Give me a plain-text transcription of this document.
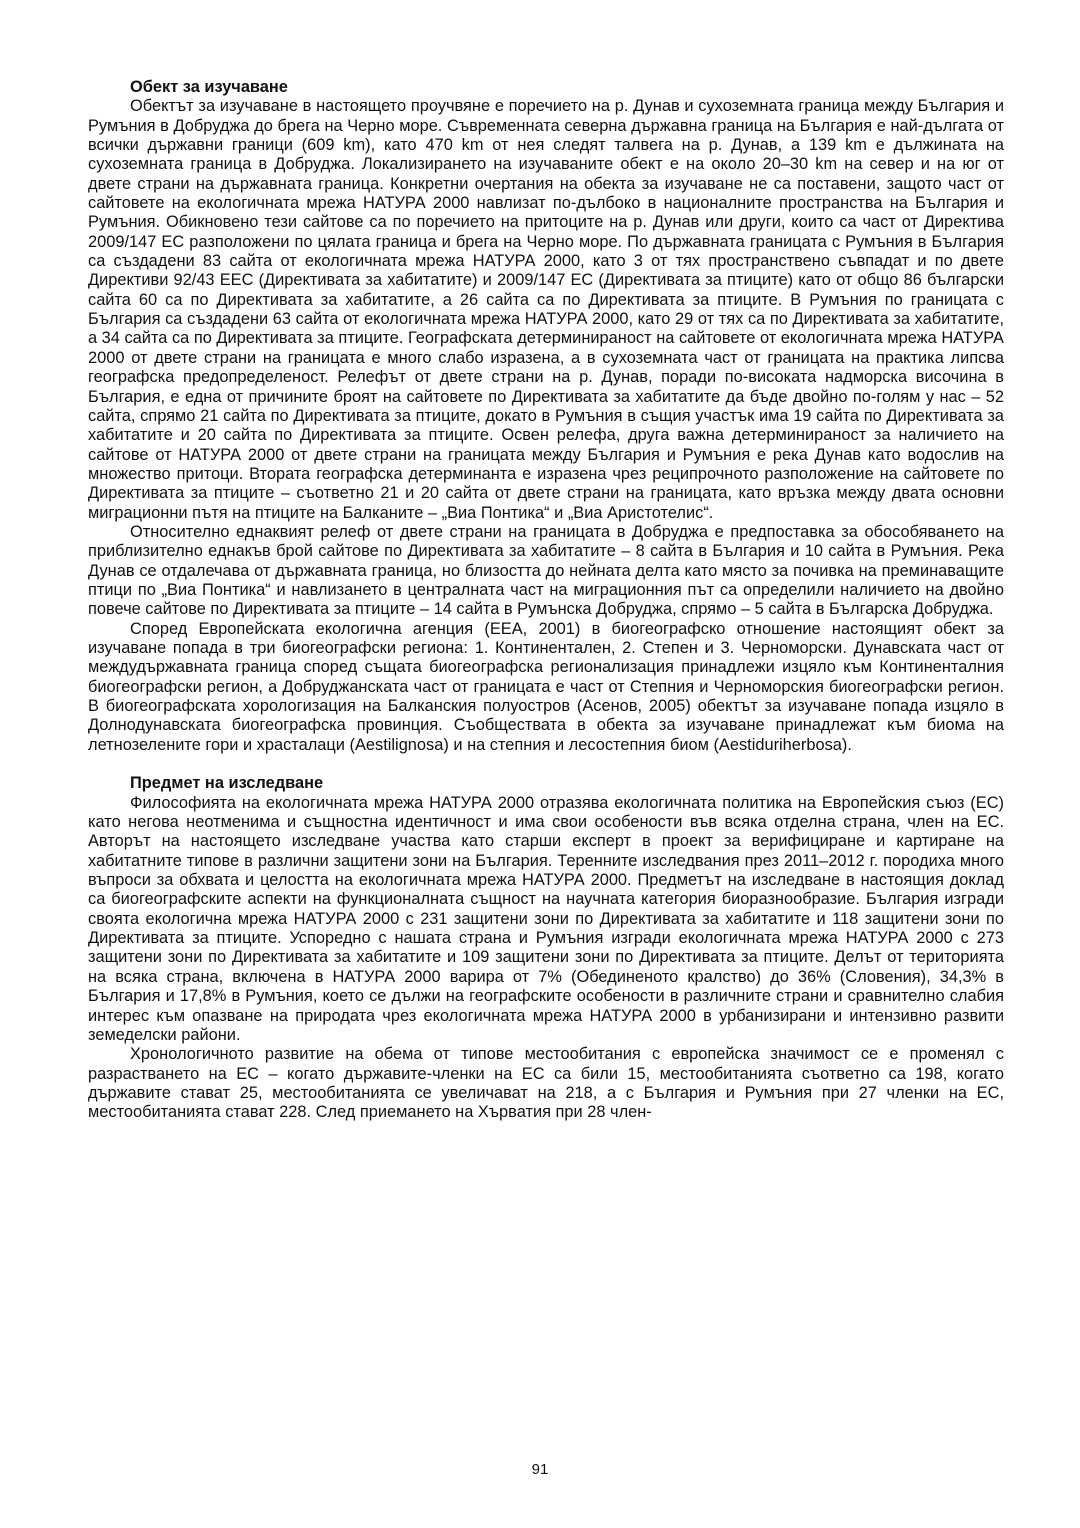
Обект за изучаване

Обектът за изучаване в настоящето проучвяне е поречието на р. Дунав и сухоземната граница между България и Румъния в Добруджа до брега на Черно море. Съвременната северна държавна граница на България е най-дългата от всички държавни граници (609 km), като 470 km от нея следят талвега на р. Дунав, а 139 km е дължината на сухоземната граница в Добруджа. Локализирането на изучаваните обект е на около 20–30 km на север и на юг от двете страни на държавната граница. Конкретни очертания на обекта за изучаване не са поставени, защото част от сайтовете на екологичната мрежа НАТУРА 2000 навлизат по-дълбоко в националните пространства на България и Румъния. Обикновено тези сайтове са по поречието на притоците на р. Дунав или други, които са част от Директива 2009/147 ЕС разположени по цялата граница и брега на Черно море. По държавната границата с Румъния в България са създадени 83 сайта от екологичната мрежа НАТУРА 2000, като 3 от тях пространствено съвпадат и по двете Директиви 92/43 ЕЕС (Директивата за хабитатите) и 2009/147 ЕС (Директивата за птиците) като от общо 86 български сайта 60 са по Директивата за хабитатите, а 26 сайта са по Директивата за птиците. В Румъния по границата с България са създадени 63 сайта от екологичната мрежа НАТУРА 2000, като 29 от тях са по Директивата за хабитатите, а 34 сайта са по Директивата за птиците. Географската детерминираност на сайтовете от екологичната мрежа НАТУРА 2000 от двете страни на границата е много слабо изразена, а в сухоземната част от границата на практика липсва географска предопределеност. Релефът от двете страни на р. Дунав, поради по-високата надморска височина в България, е една от причините броят на сайтовете по Директивата за хабитатите да бъде двойно по-голям у нас – 52 сайта, спрямо 21 сайта по Директивата за птиците, докато в Румъния в същия участък има 19 сайта по Директивата за хабитатите и 20 сайта по Директивата за птиците. Освен релефа, друга важна детерминираност за наличието на сайтове от НАТУРА 2000 от двете страни на границата между България и Румъния е река Дунав като водослив на множество притоци. Втората географска детерминанта е изразена чрез реципрочното разположение на сайтовете по Директивата за птиците – съответно 21 и 20 сайта от двете страни на границата, като връзка между двата основни миграционни пътя на птиците на Балканите – „Виа Понтика“ и „Виа Аристотелис“.

Относително еднаквият релеф от двете страни на границата в Добруджа е предпоставка за обособяването на приблизително еднакъв брой сайтове по Директивата за хабитатите – 8 сайта в България и 10 сайта в Румъния. Река Дунав се отдалечава от държавната граница, но близостта до нейната делта като място за почивка на преминаващите птици по „Виа Понтика“ и навлизането в централната част на миграционния път са определили наличието на двойно повече сайтове по Директивата за птиците – 14 сайта в Румънска Добруджа, спрямо – 5 сайта в Българска Добруджа.

Според Европейската екологична агенция (ЕЕА, 2001) в биогеографско отношение настоящият обект за изучаване попада в три биогеографски региона: 1. Континентален, 2. Степен и 3. Черноморски. Дунавската част от междудържавната граница според същата биогеографска регионализация принадлежи изцяло към Континенталния биогеографски регион, а Добруджанската част от границата е част от Степния и Черноморския биогеографски регион. В биогеографската хорологизация на Балканския полуостров (Асенов, 2005) обектът за изучаване попада изцяло в Долнодунавската биогеографска провинция. Съобществата в обекта за изучаване принадлежат към биома на летнозелените гори и храсталаци (Aestilignosa) и на степния и лесостепния биом (Aestiduriherbosa).

Предмет на изследване

Философията на екологичната мрежа НАТУРА 2000 отразява екологичната политика на Европейския съюз (ЕС) като негова неотменима и същностна идентичност и има свои особености във всяка отделна страна, член на ЕС. Авторът на настоящето изследване участва като старши експерт в проект за верифициране и картиране на хабитатните типове в различни защитени зони на България. Теренните изследвания през 2011–2012 г. породиха много въпроси за обхвата и целостта на екологичната мрежа НАТУРА 2000. Предметът на изследване в настоящия доклад са биогеографските аспекти на функционалната същност на научната категория биоразнообразие. България изгради своята екологична мрежа НАТУРА 2000 с 231 защитени зони по Директивата за хабитатите и 118 защитени зони по Директивата за птиците. Успоредно с нашата страна и Румъния изгради екологичната мрежа НАТУРА 2000 с 273 защитени зони по Директивата за хабитатите и 109 защитени зони по Директивата за птиците. Делът от територията на всяка страна, включена в НАТУРА 2000 варира от 7% (Обединеното кралство) до 36% (Словения), 34,3% в България и 17,8% в Румъния, което се дължи на географските особености в различните страни и сравнително слабия интерес към опазване на природата чрез екологичната мрежа НАТУРА 2000 в урбанизирани и интензивно развити земеделски райони.

Хронологичното развитие на обема от типове местообитания с европейска значимост се е променял с разрастването на ЕС – когато държавите-членки на ЕС са били 15, местообитанията съответно са 198, когато държавите стават 25, местообитанията се увеличават на 218, а с България и Румъния при 27 членки на ЕС, местообитанията стават 228. След приемането на Хърватия при 28 член-

91
